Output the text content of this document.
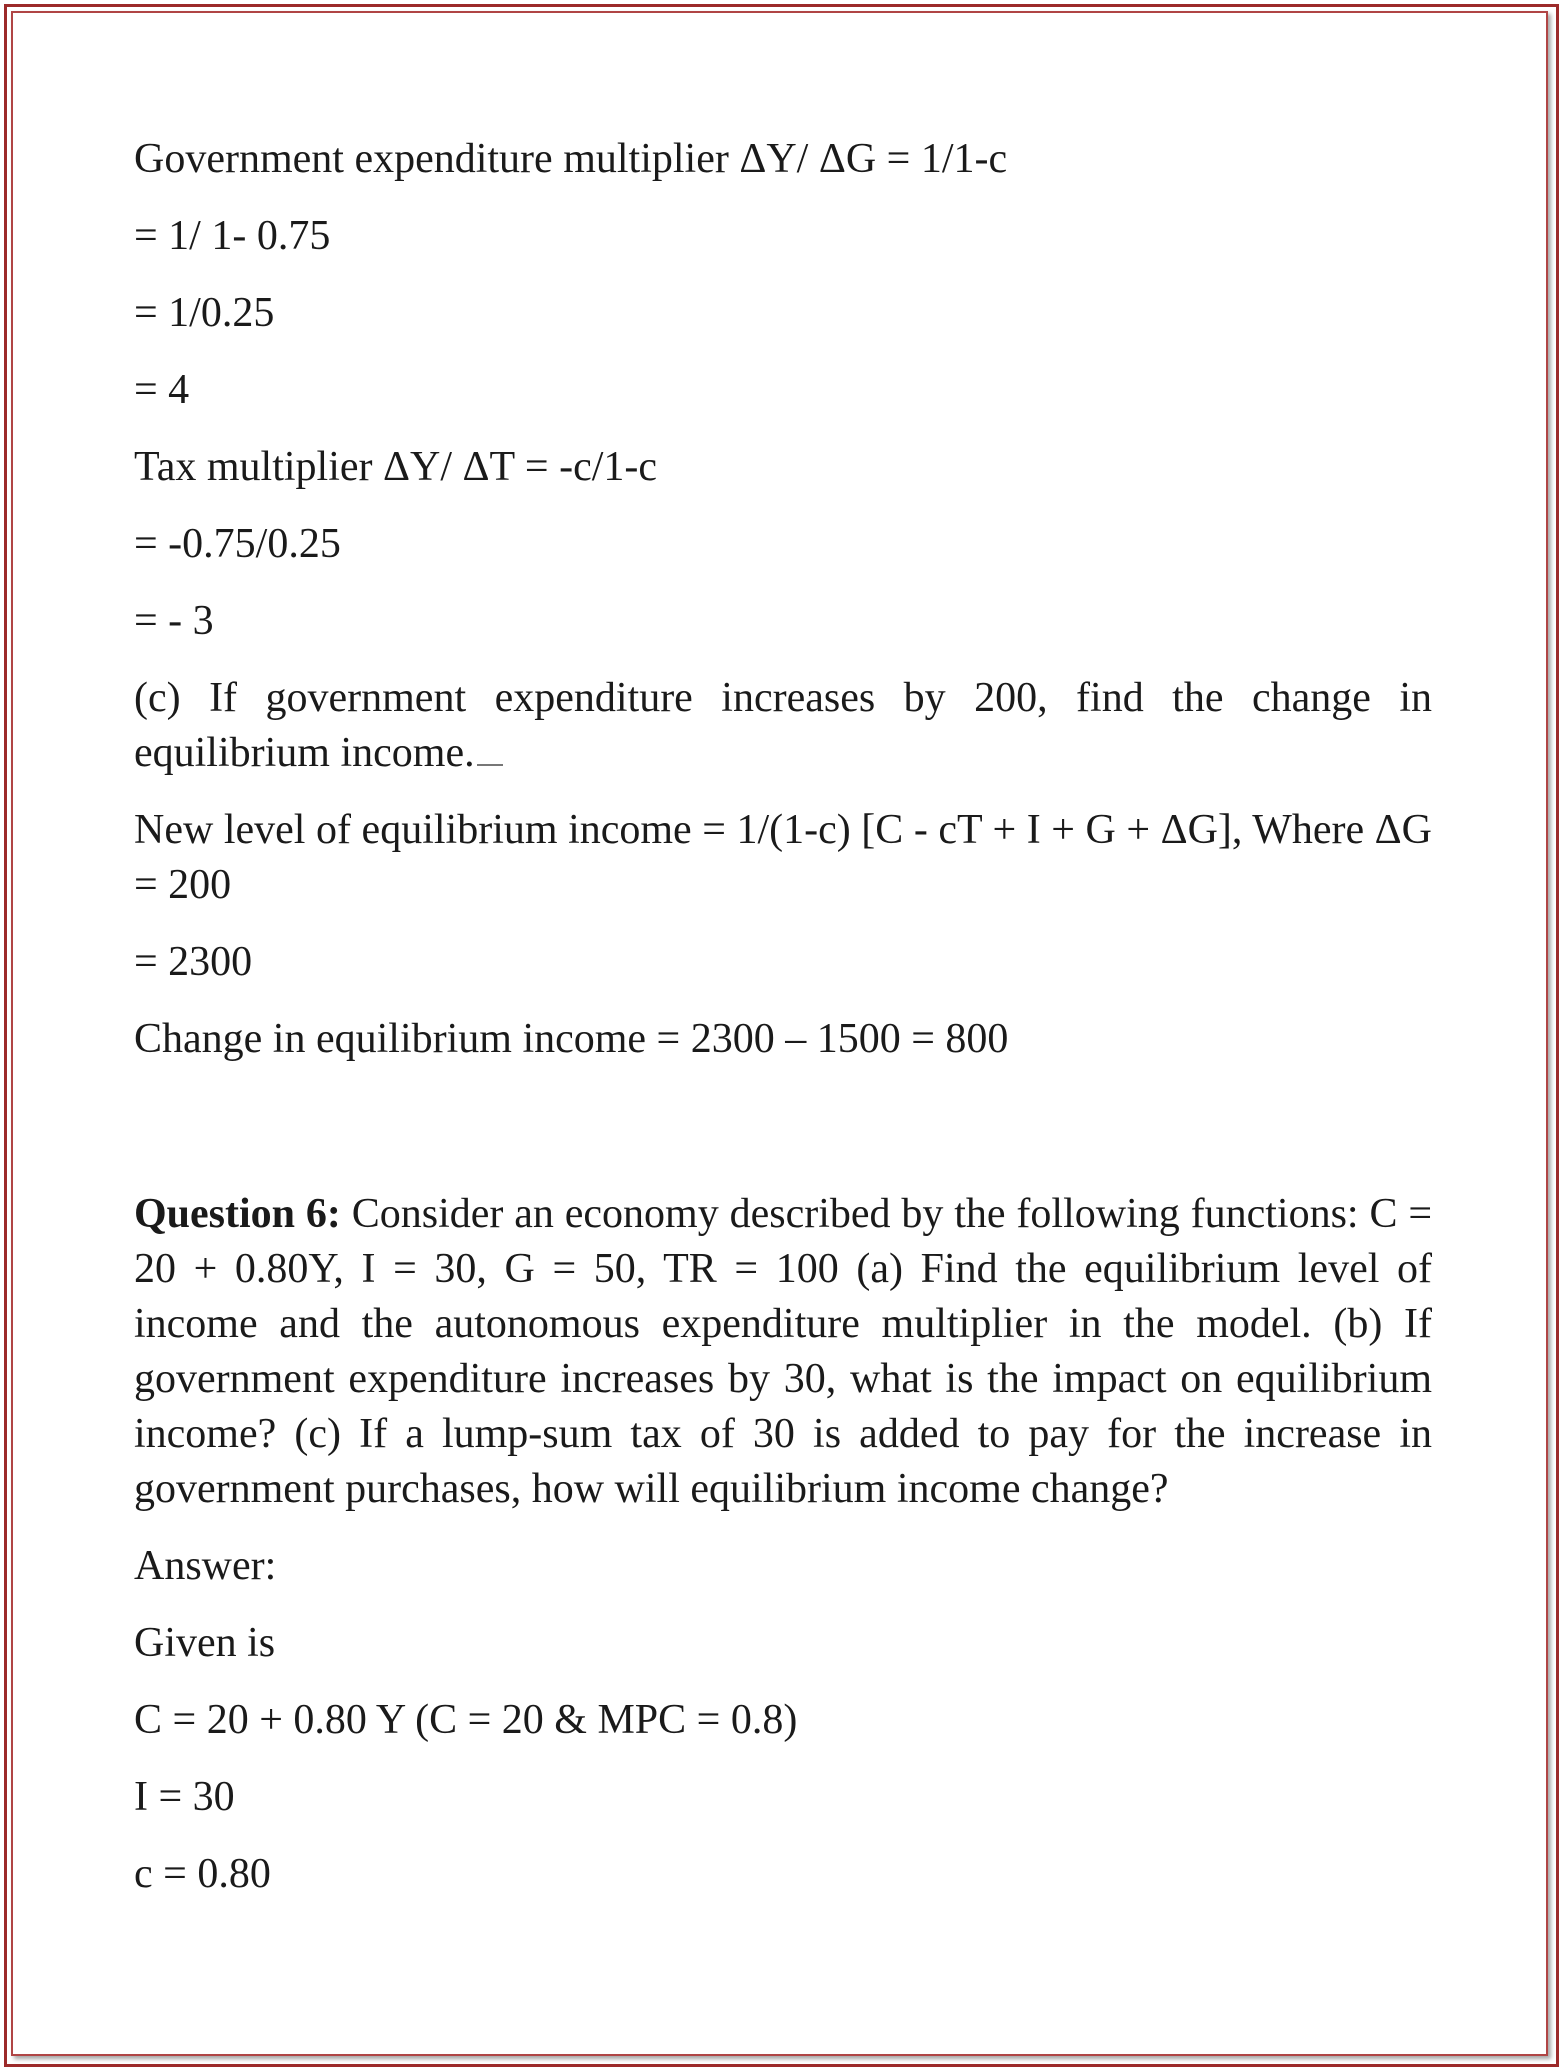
Government expenditure multiplier ΔY/ ΔG = 1/1-c

= 1/ 1- 0.75

= 1/0.25

= 4

Tax multiplier ΔY/ ΔT = -c/1-c

= -0.75/0.25

= - 3

(c) If government expenditure increases by 200, find the change in equilibrium income.

New level of equilibrium income = 1/(1-c) [C - cT + I + G + ΔG], Where ΔG = 200

= 2300

Change in equilibrium income = 2300 – 1500 = 800

Question 6: Consider an economy described by the following functions: C = 20 + 0.80Y, I = 30, G = 50, TR = 100 (a) Find the equilibrium level of income and the autonomous expenditure multiplier in the model. (b) If government expenditure increases by 30, what is the impact on equilibrium income? (c) If a lump-sum tax of 30 is added to pay for the increase in government purchases, how will equilibrium income change?

Answer:

Given is

C = 20 + 0.80 Y (C = 20 & MPC = 0.8)

I = 30

c = 0.80
